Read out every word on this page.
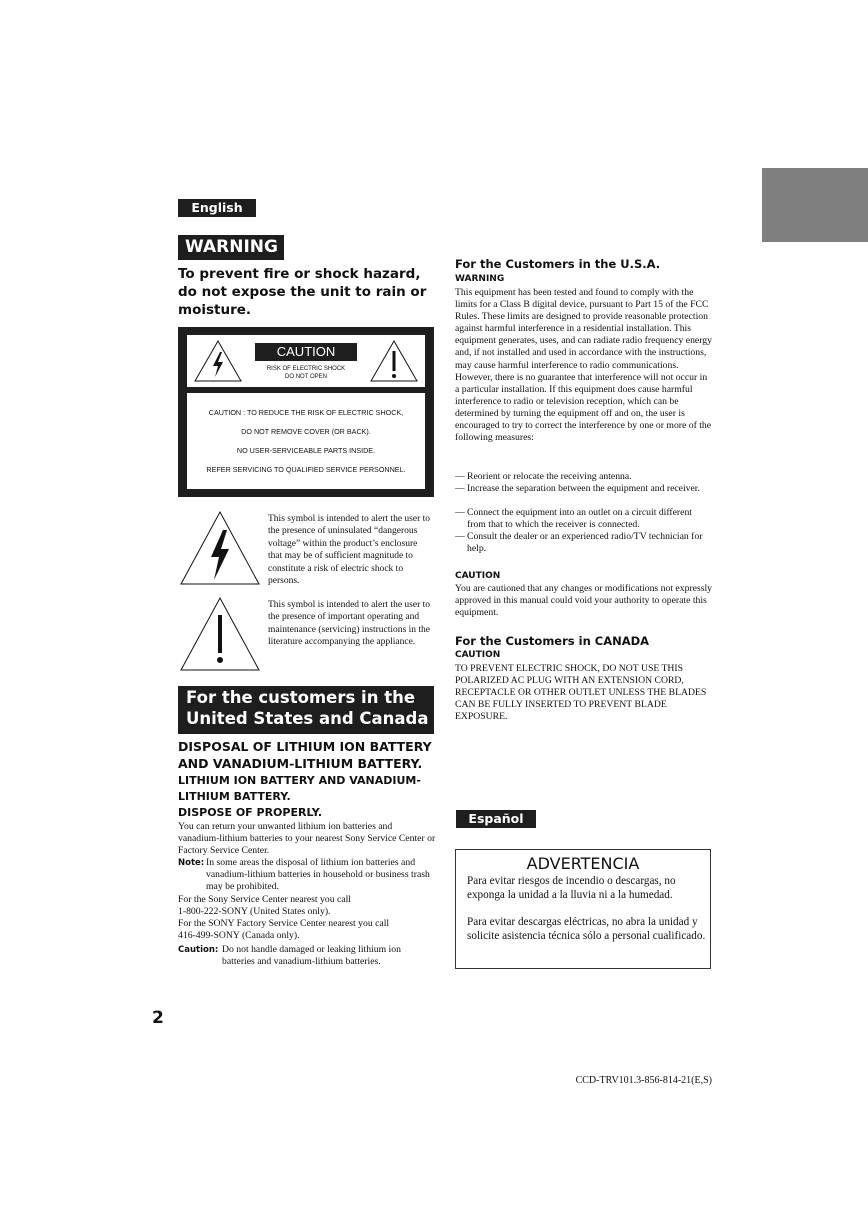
English
WARNING
To prevent fire or shock hazard, do not expose the unit to rain or moisture.
CAUTION
RISK OF ELECTRIC SHOCK
DO NOT OPEN
CAUTION : TO REDUCE THE RISK OF ELECTRIC SHOCK,
DO NOT REMOVE COVER (OR BACK).
NO USER-SERVICEABLE PARTS INSIDE.
REFER SERVICING TO QUALIFIED SERVICE PERSONNEL.
This symbol is intended to alert the user to the presence of uninsulated “dangerous voltage” within the product’s enclosure that may be of sufficient magnitude to constitute a risk of electric shock to persons.
This symbol is intended to alert the user to the presence of important operating and maintenance (servicing) instructions in the literature accompanying the appliance.
For the customers in the United States and Canada
DISPOSAL OF LITHIUM ION BATTERY AND VANADIUM-LITHIUM BATTERY.
LITHIUM ION BATTERY AND VANADIUM-LITHIUM BATTERY.
DISPOSE OF PROPERLY.
You can return your unwanted lithium ion batteries and vanadium-lithium batteries to your nearest Sony Service Center or Factory Service Center.
Note: In some areas the disposal of lithium ion batteries and vanadium-lithium batteries in household or business trash may be prohibited.
For the Sony Service Center nearest you call
1-800-222-SONY (United States only).
For the SONY Factory Service Center nearest you call
416-499-SONY (Canada only).
Caution: Do not handle damaged or leaking lithium ion batteries and vanadium-lithium batteries.
2
For the Customers in the U.S.A.
WARNING
This equipment has been tested and found to comply with the limits for a Class B digital device, pursuant to Part 15 of the FCC Rules. These limits are designed to provide reasonable protection against harmful interference in a residential installation. This equipment generates, uses, and can radiate radio frequency energy and, if not installed and used in accordance with the instructions, may cause harmful interference to radio communications. However, there is no guarantee that interference will not occur in a particular installation. If this equipment does cause harmful interference to radio or television reception, which can be determined by turning the equipment off and on, the user is encouraged to try to correct the interference by one or more of the following measures:
— Reorient or relocate the receiving antenna.
— Increase the separation between the equipment and receiver.
— Connect the equipment into an outlet on a circuit different from that to which the receiver is connected.
— Consult the dealer or an experienced radio/TV technician for help.
CAUTION
You are cautioned that any changes or modifications not expressly approved in this manual could void your authority to operate this equipment.
For the Customers in CANADA
CAUTION
TO PREVENT ELECTRIC SHOCK, DO NOT USE THIS POLARIZED AC PLUG WITH AN EXTENSION CORD, RECEPTACLE OR OTHER OUTLET UNLESS THE BLADES CAN BE FULLY INSERTED TO PREVENT BLADE EXPOSURE.
Español
ADVERTENCIA
Para evitar riesgos de incendio o descargas, no exponga la unidad a la lluvia ni a la humedad.
Para evitar descargas eléctricas, no abra la unidad y solicite asistencia técnica sólo a personal cualificado.
CCD-TRV101.3-856-814-21(E,S)
